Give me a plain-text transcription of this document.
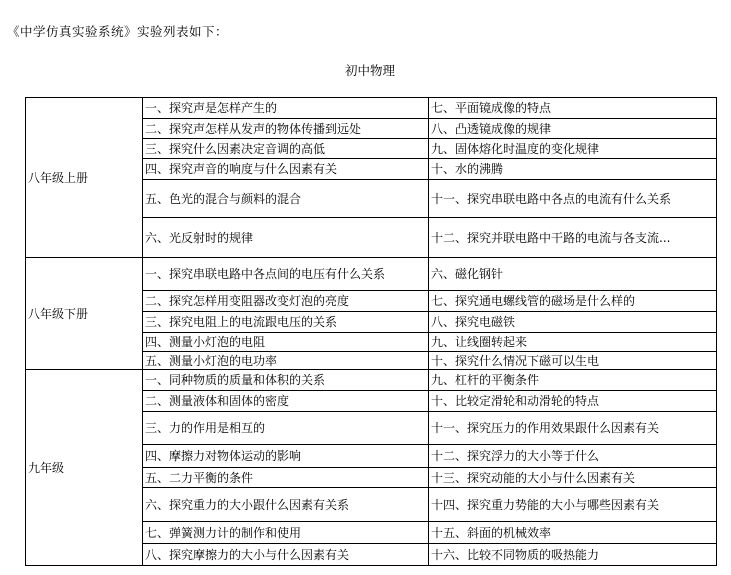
《中学仿真实验系统》实验列表如下：
初中物理
八年级上册	一、探究声是怎样产生的	七、平面镜成像的特点
	二、探究声怎样从发声的物体传播到远处	八、凸透镜成像的规律
	三、探究什么因素决定音调的高低	九、固体熔化时温度的变化规律
	四、探究声音的响度与什么因素有关	十、水的沸腾
	五、色光的混合与颜料的混合	十一、探究串联电路中各点的电流有什么关系
	六、光反射时的规律	十二、探究并联电路中干路的电流与各支流...
八年级下册	一、探究串联电路中各点间的电压有什么关系	六、磁化钢针
	二、探究怎样用变阻器改变灯泡的亮度	七、探究通电螺线管的磁场是什么样的
	三、探究电阻上的电流跟电压的关系	八、探究电磁铁
	四、测量小灯泡的电阻	九、让线圈转起来
	五、测量小灯泡的电功率	十、探究什么情况下磁可以生电
九年级	一、同种物质的质量和体积的关系	九、杠杆的平衡条件
	二、测量液体和固体的密度	十、比较定滑轮和动滑轮的特点
	三、力的作用是相互的	十一、探究压力的作用效果跟什么因素有关
	四、摩擦力对物体运动的影响	十二、探究浮力的大小等于什么
	五、二力平衡的条件	十三、探究动能的大小与什么因素有关
	六、探究重力的大小跟什么因素有关系	十四、探究重力势能的大小与哪些因素有关
	七、弹簧测力计的制作和使用	十五、斜面的机械效率
	八、探究摩擦力的大小与什么因素有关	十六、比较不同物质的吸热能力
